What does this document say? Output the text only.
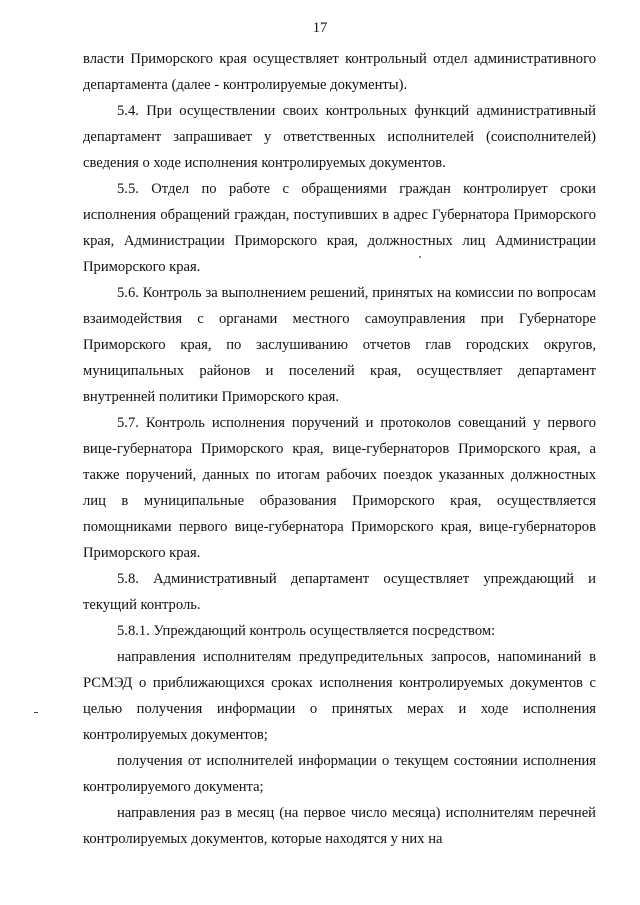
17

власти Приморского края осуществляет контрольный отдел административного департамента (далее - контролируемые документы).

5.4. При осуществлении своих контрольных функций административный департамент запрашивает у ответственных исполнителей (соисполнителей) сведения о ходе исполнения контролируемых документов.

5.5. Отдел по работе с обращениями граждан контролирует сроки исполнения обращений граждан, поступивших в адрес Губернатора Приморского края, Администрации Приморского края, должностных лиц Администрации Приморского края.

5.6. Контроль за выполнением решений, принятых на комиссии по вопросам взаимодействия с органами местного самоуправления при Губернаторе Приморского края, по заслушиванию отчетов глав городских округов, муниципальных районов и поселений края, осуществляет департамент внутренней политики Приморского края.

5.7. Контроль исполнения поручений и протоколов совещаний у первого вице-губернатора Приморского края, вице-губернаторов Приморского края, а также поручений, данных по итогам рабочих поездок указанных должностных лиц в муниципальные образования Приморского края, осуществляется помощниками первого вице-губернатора Приморского края, вице-губернаторов Приморского края.

5.8. Административный департамент осуществляет упреждающий и текущий контроль.

5.8.1. Упреждающий контроль осуществляется посредством:

направления исполнителям предупредительных запросов, напоминаний в РСМЭД о приближающихся сроках исполнения контролируемых документов с целью получения информации о принятых мерах и ходе исполнения контролируемых документов;

получения от исполнителей информации о текущем состоянии исполнения контролируемого документа;

направления раз в месяц (на первое число месяца) исполнителям перечней контролируемых документов, которые находятся у них на
